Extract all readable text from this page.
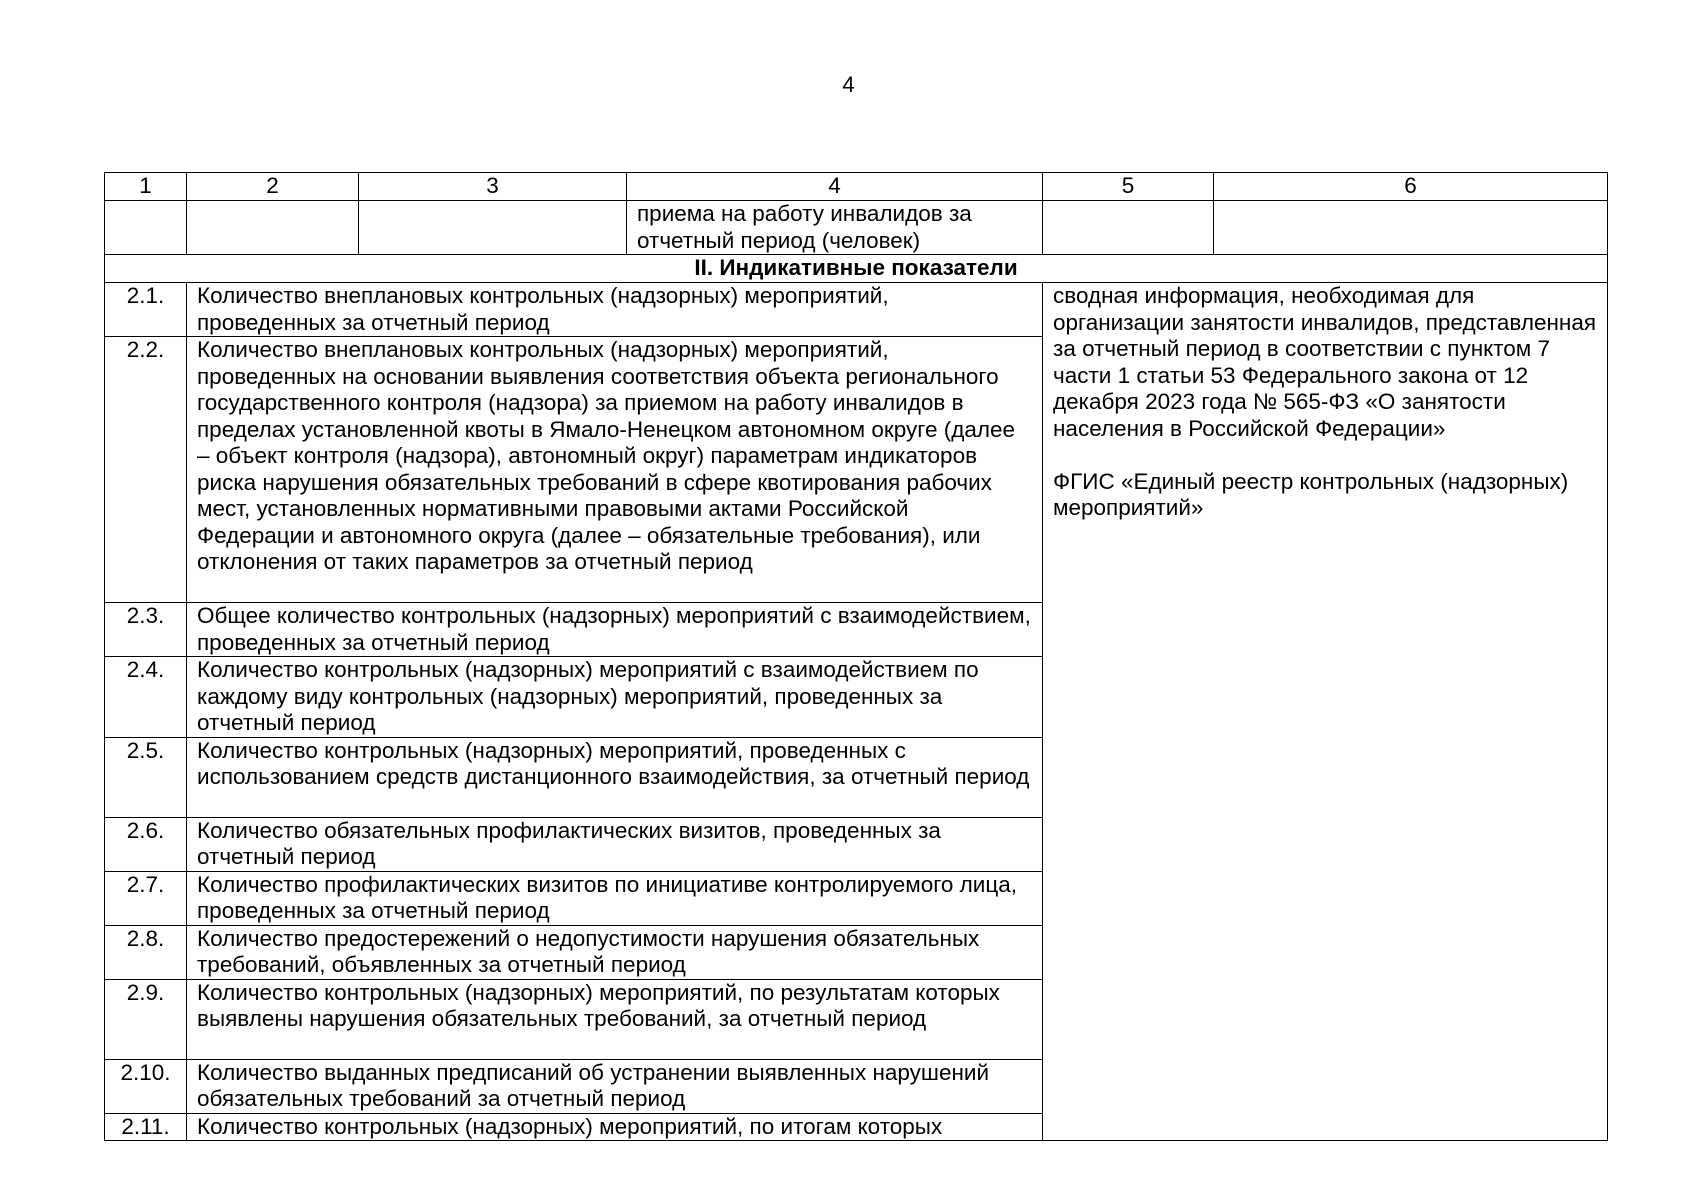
4
1	2	3	4	5	6
			приема на работу инвалидов за отчетный период (человек)		
II. Индикативные показатели					
2.1.	Количество внеплановых контрольных (надзорных) мероприятий, проведенных за отчетный период			сводная информация, необходимая для организации занятости инвалидов, представленная за отчетный период в соответствии с пунктом 7 части 1 статьи 53 Федерального закона от 12 декабря 2023 года № 565-ФЗ «О занятости населения в Российской Федерации»

ФГИС «Единый реестр контрольных (надзорных) мероприятий»	
2.2.	Количество внеплановых контрольных (надзорных) мероприятий, проведенных на основании выявления соответствия объекта регионального государственного контроля (надзора) за приемом на работу инвалидов в пределах установленной квоты в Ямало-Ненецком автономном округе (далее – объект контроля (надзора), автономный округ) параметрам индикаторов риска нарушения обязательных требований в сфере квотирования рабочих мест, установленных нормативными правовыми актами Российской Федерации и автономного округа (далее – обязательные требования), или отклонения от таких параметров за отчетный период				
2.3.	Общее количество контрольных (надзорных) мероприятий с взаимодействием, проведенных за отчетный период				
2.4.	Количество контрольных (надзорных) мероприятий с взаимодействием по каждому виду контрольных (надзорных) мероприятий, проведенных за отчетный период				
2.5.	Количество контрольных (надзорных) мероприятий, проведенных с использованием средств дистанционного взаимодействия, за отчетный период				
2.6.	Количество обязательных профилактических визитов, проведенных за отчетный период				
2.7.	Количество профилактических визитов по инициативе контролируемого лица, проведенных за отчетный период				
2.8.	Количество предостережений о недопустимости нарушения обязательных требований, объявленных за отчетный период				
2.9.	Количество контрольных (надзорных) мероприятий, по результатам которых выявлены нарушения обязательных требований, за отчетный период				
2.10.	Количество выданных предписаний об устранении выявленных нарушений обязательных требований за отчетный период				
2.11.	Количество контрольных (надзорных) мероприятий, по итогам которых				
